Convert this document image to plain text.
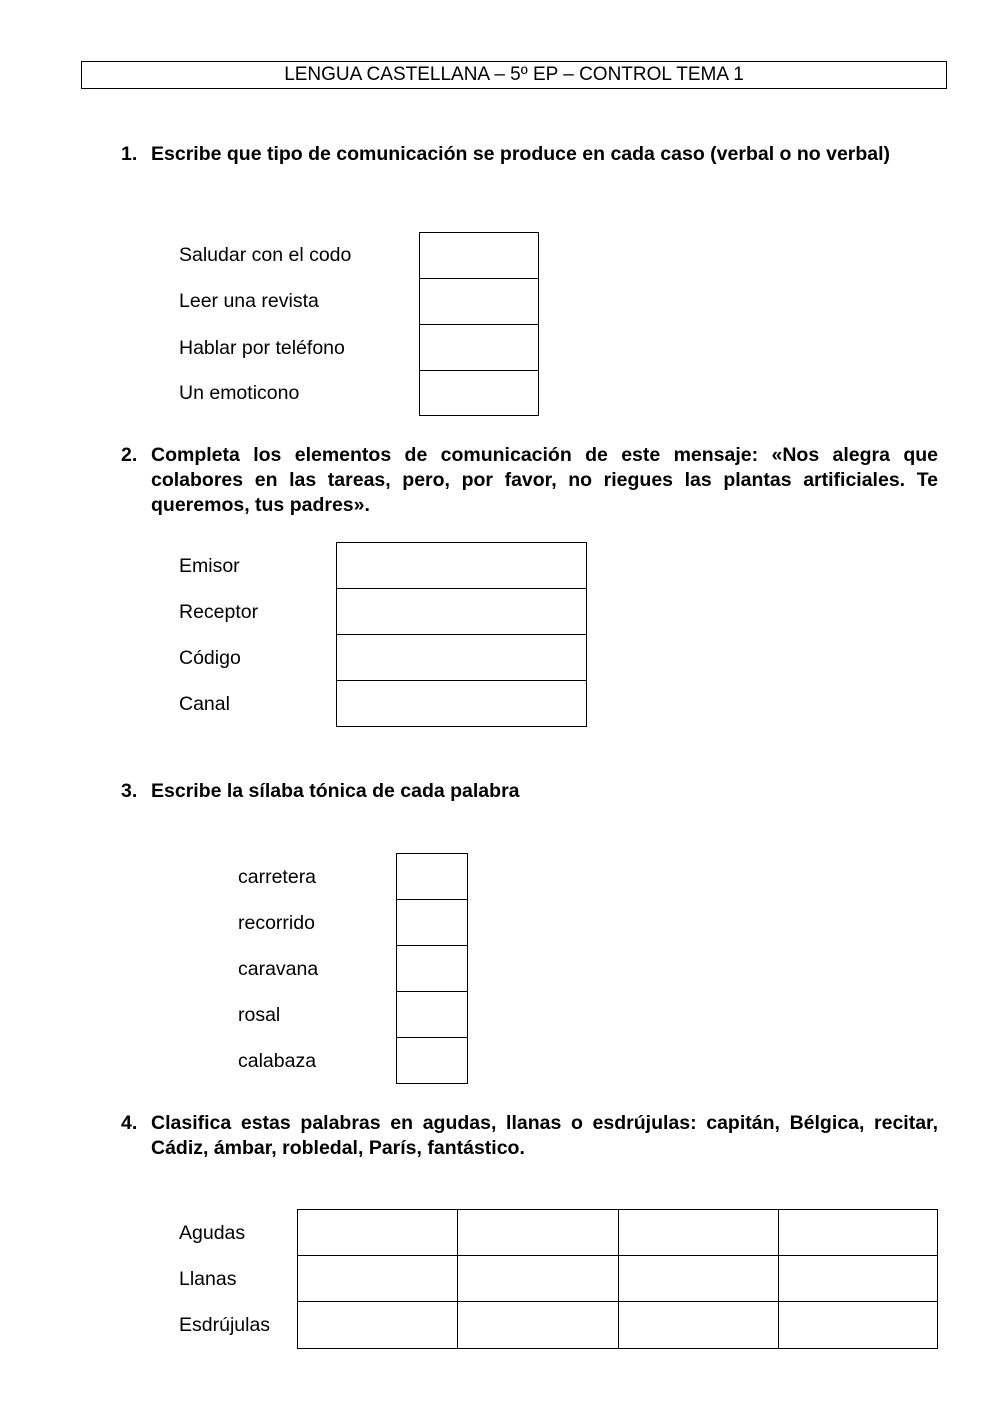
LENGUA CASTELLANA – 5º EP – CONTROL TEMA 1
1. Escribe que tipo de comunicación se produce en cada caso (verbal o no verbal)
Saludar con el codo
Leer una revista
Hablar por teléfono
Un emoticono
2. Completa los elementos de comunicación de este mensaje: «Nos alegra que colabores en las tareas, pero, por favor, no riegues las plantas artificiales. Te queremos, tus padres».
Emisor
Receptor
Código
Canal
3. Escribe la sílaba tónica de cada palabra
carretera
recorrido
caravana
rosal
calabaza
4. Clasifica estas palabras en agudas, llanas o esdrújulas: capitán, Bélgica, recitar, Cádiz, ámbar, robledal, París, fantástico.
Agudas
Llanas
Esdrújulas
